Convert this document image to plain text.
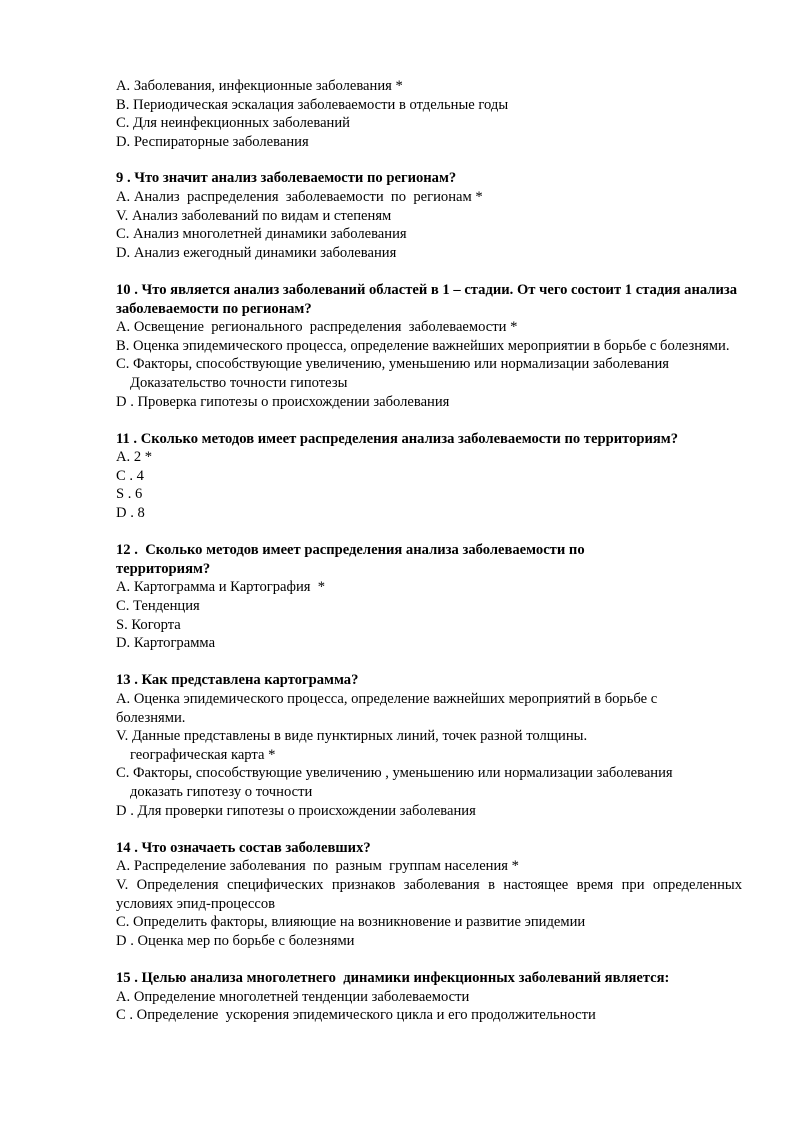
A. Заболевания, инфекционные заболевания *
B. Периодическая эскалация заболеваемости в отдельные годы
C. Для неинфекционных заболеваний
D. Респираторные заболевания
9 . Что значит анализ заболеваемости по регионам?
A. Анализ  распределения  заболеваемости  по  регионам *
V. Анализ заболеваний по видам и степеням
C. Анализ многолетней динамики заболевания
D. Анализ ежегодный динамики заболевания
10 . Что является анализ заболеваний областей в 1 – стадии. От чего состоит 1 стадия анализа заболеваемости по регионам?
A. Освещение  регионального  распределения  заболеваемости *
B. Оценка эпидемического процесса, определение важнейших мероприятии в борьбе с болезнями.
C. Факторы, способствующие увеличению, уменьшению или нормализации заболевания
Доказательство точности гипотезы
D . Проверка гипотезы о происхождении заболевания
11 . Сколько методов имеет распределения анализа заболеваемости по территориям?
A. 2 *
C . 4
S . 6
D . 8
12 .  Сколько методов имеет распределения анализа заболеваемости по территориям?
A. Картограмма и Картография  *
C. Тенденция
S. Когорта
D. Картограмма
13 . Как представлена картограмма?
A. Оценка эпидемического процесса, определение важнейших мероприятий в борьбе с
болезнями.
V. Данные представлены в виде пунктирных линий, точек разной толщины.
географическая карта *
C. Факторы, способствующие увеличению , уменьшению или нормализации заболевания
доказать гипотезу о точности
D . Для проверки гипотезы о происхождении заболевания
14 . Что означаеть состав заболевших?
A. Распределение заболевания  по  разным  группам населения *
V. Определения специфических признаков заболевания в настоящее время при определенных условиях эпид-процессов
C. Определить факторы, влияющие на возникновение и развитие эпидемии
D . Оценка мер по борьбе с болезнями
15 . Целью анализа многолетнего  динамики инфекционных заболеваний является:
A. Определение многолетней тенденции заболеваемости
C . Определение  ускорения эпидемического цикла и его продолжительности
